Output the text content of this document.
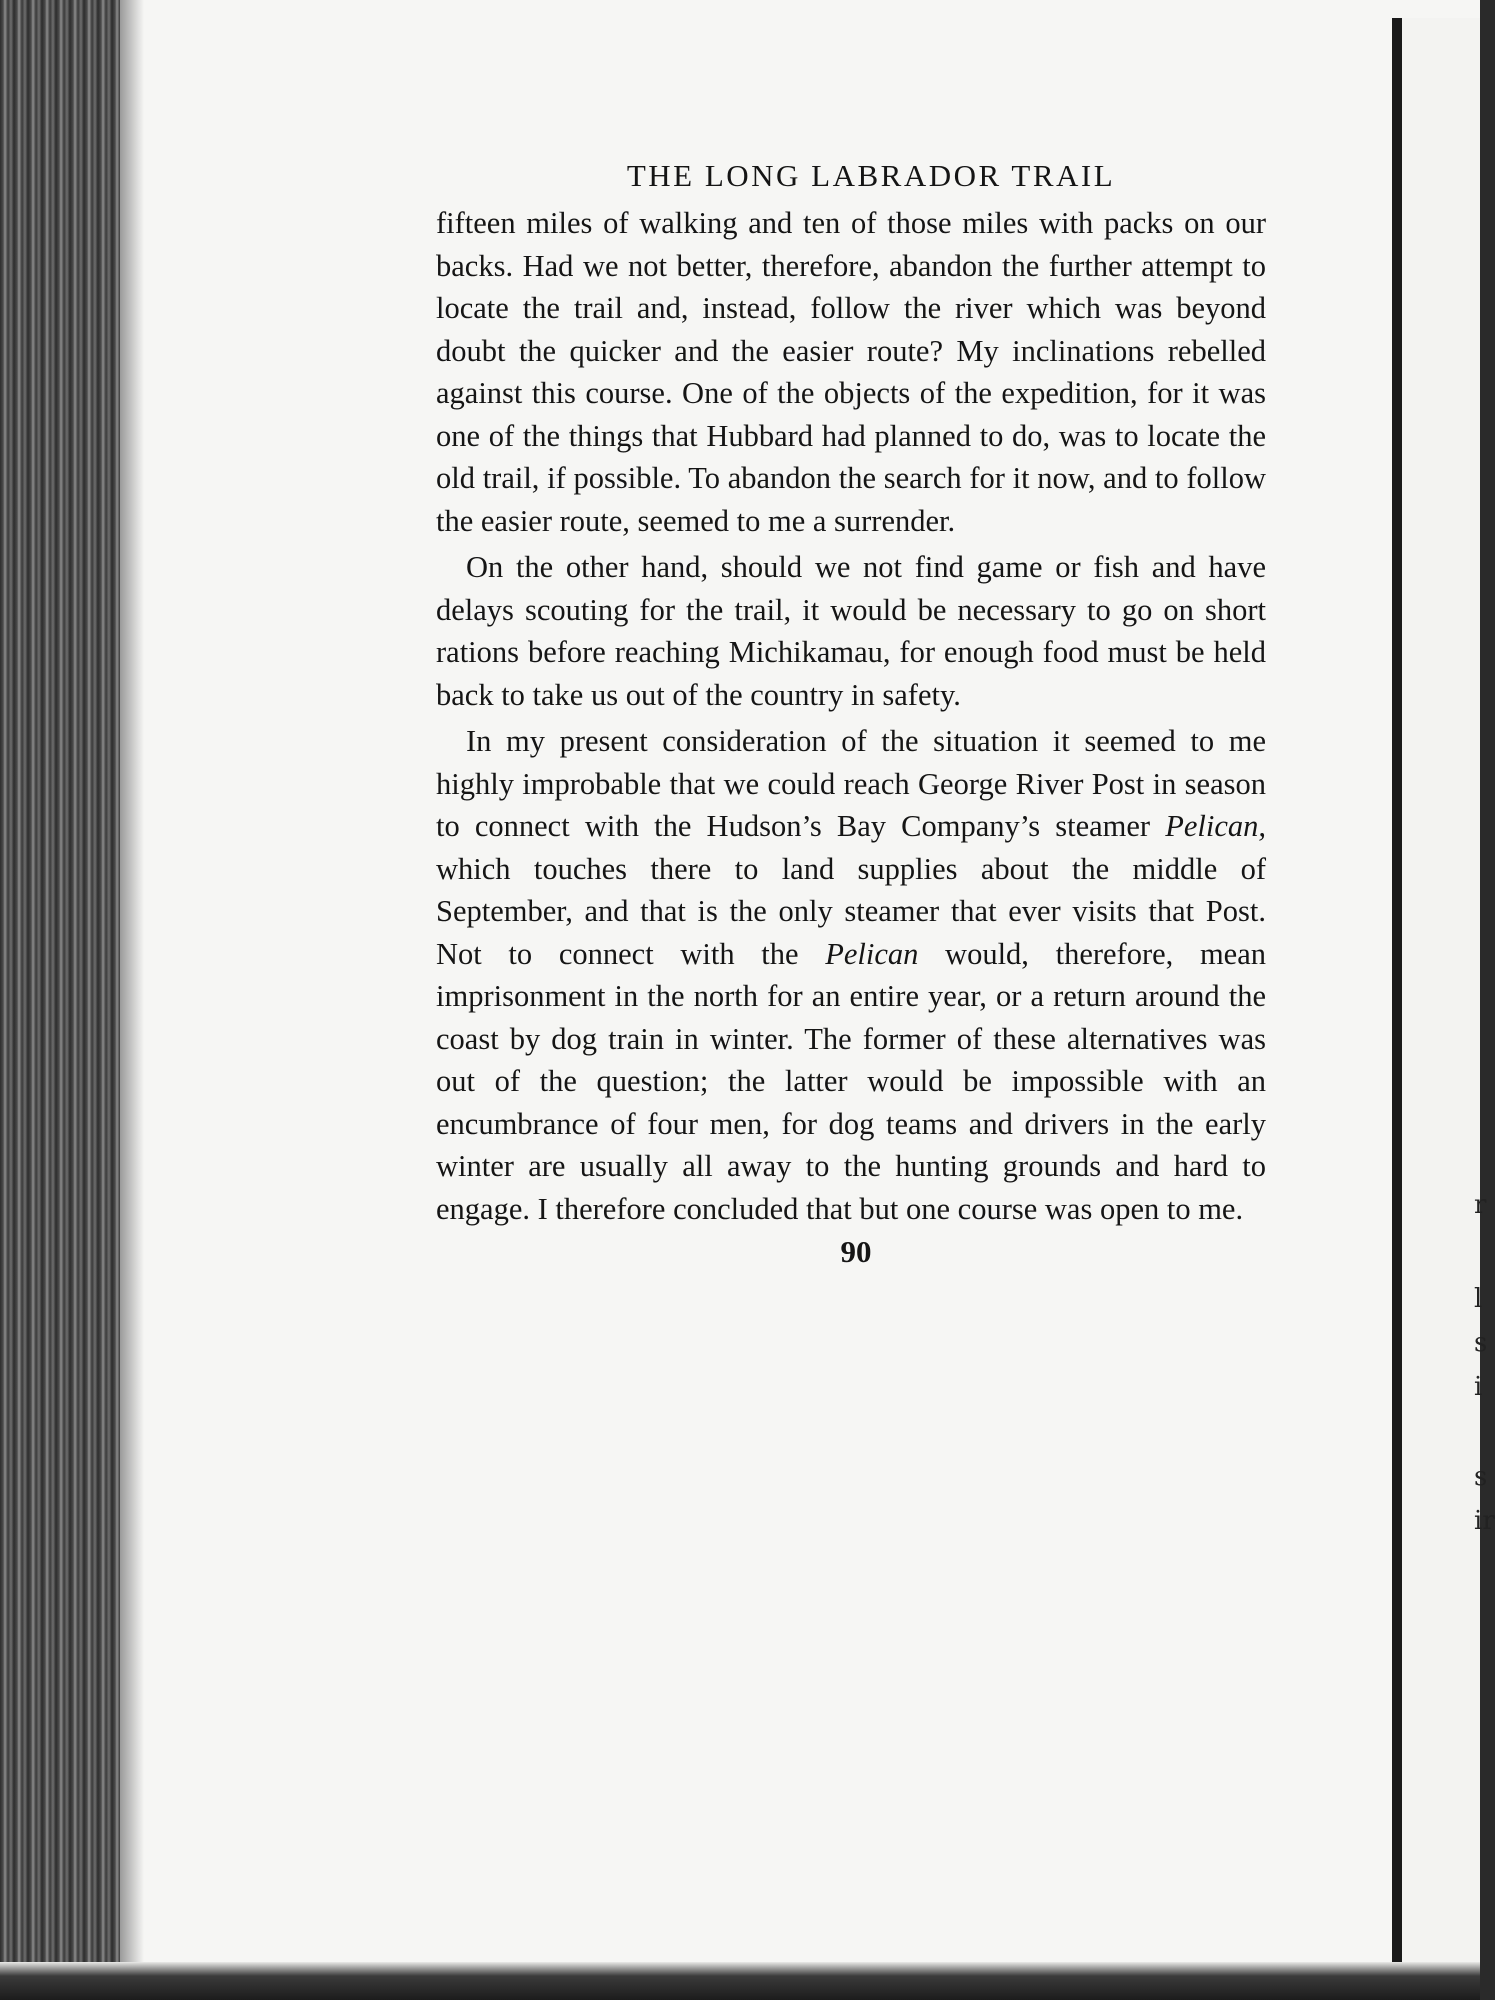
r
l
s
i
s
ir
THE LONG LABRADOR TRAIL

fifteen miles of walking and ten of those miles with packs on our backs. Had we not better, therefore, abandon the further attempt to locate the trail and, instead, follow the river which was beyond doubt the quicker and the easier route? My inclinations rebelled against this course. One of the objects of the expedition, for it was one of the things that Hubbard had planned to do, was to locate the old trail, if possible. To abandon the search for it now, and to follow the easier route, seemed to me a surrender.

On the other hand, should we not find game or fish and have delays scouting for the trail, it would be necessary to go on short rations before reaching Michikamau, for enough food must be held back to take us out of the country in safety.

In my present consideration of the situation it seemed to me highly improbable that we could reach George River Post in season to connect with the Hudson’s Bay Company’s steamer Pelican, which touches there to land supplies about the middle of September, and that is the only steamer that ever visits that Post. Not to connect with the Pelican would, therefore, mean imprisonment in the north for an entire year, or a return around the coast by dog train in winter. The former of these alternatives was out of the question; the latter would be impossible with an encumbrance of four men, for dog teams and drivers in the early winter are usually all away to the hunting grounds and hard to engage. I therefore concluded that but one course was open to me.

90
